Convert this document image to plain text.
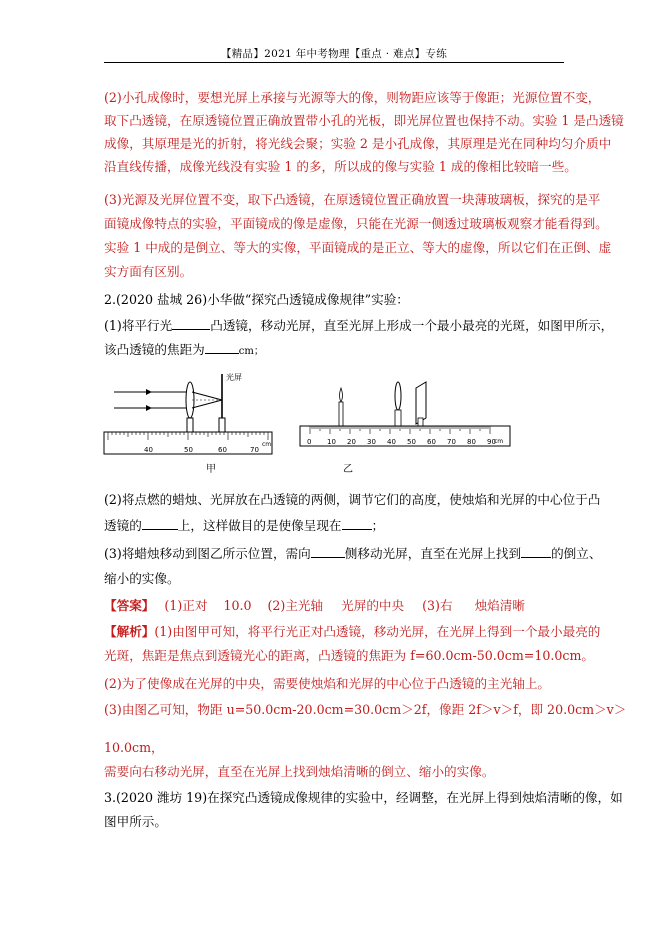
【精品】2021 年中考物理【重点 · 难点】专练
(2)小孔成像时，要想光屏上承接与光源等大的像，则物距应该等于像距；光源位置不变，
取下凸透镜，在原透镜位置正确放置带小孔的光板，即光屏位置也保持不动。实验 1 是凸透镜
成像，其原理是光的折射，将光线会聚；实验 2 是小孔成像，其原理是光在同种均匀介质中
沿直线传播，成像光线没有实验 1 的多，所以成的像与实验 1 成的像相比较暗一些。
(3)光源及光屏位置不变，取下凸透镜，在原透镜位置正确放置一块薄玻璃板，探究的是平
面镜成像特点的实验，平面镜成的像是虚像，只能在光源一侧透过玻璃板观察才能看得到。
实验 1 中成的是倒立、等大的实像，平面镜成的是正立、等大的虚像，所以它们在正倒、虚
实方面有区别。
2.(2020 盐城 26)小华做“探究凸透镜成像规律”实验：
(1)将平行光	凸透镜，移动光屏，直至光屏上形成一个最小最亮的光斑，如图甲所示，
该凸透镜的焦距为	cm；
光屏
40	50	60	70
cm
甲
0 10 20 30 40 50 60 70 80 90
cm
乙
(2)将点燃的蜡烛、光屏放在凸透镜的两侧，调节它们的高度，使烛焰和光屏的中心位于凸
透镜的	上，这样做目的是使像呈现在 ；
(3)将蜡烛移动到图乙所示位置，需向	侧移动光屏，直至在光屏上找到 的倒立、
缩小的实像。
【答案】 (1)正对 10.0 (2)主光轴 光屏的中央 (3)右 烛焰清晰
【解析】(1)由图甲可知，将平行光正对凸透镜，移动光屏，在光屏上得到一个最小最亮的
光斑，焦距是焦点到透镜光心的距离，凸透镜的焦距为 f=60.0cm-50.0cm=10.0cm。
(2)为了使像成在光屏的中央，需要使烛焰和光屏的中心位于凸透镜的主光轴上。
(3)由图乙可知，物距 u=50.0cm-20.0cm=30.0cm＞2f，像距 2f＞v＞f，即 20.0cm＞v＞
10.0cm，
需要向右移动光屏，直至在光屏上找到烛焰清晰的倒立、缩小的实像。
3.(2020 潍坊 19)在探究凸透镜成像规律的实验中，经调整，在光屏上得到烛焰清晰的像，如
图甲所示。
